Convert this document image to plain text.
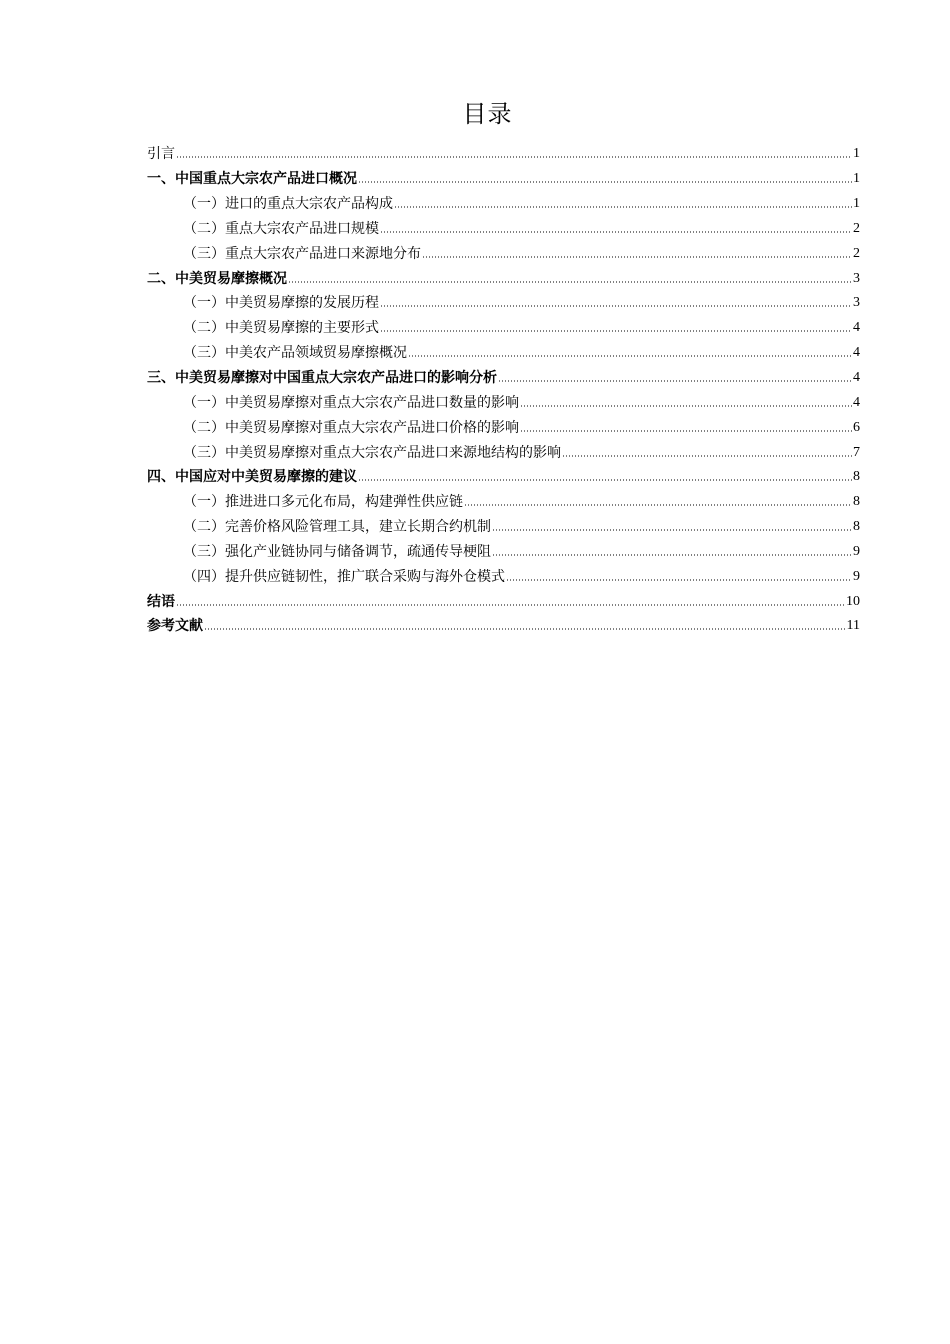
目录
引言	1
一、中国重点大宗农产品进口概况	1
（一）进口的重点大宗农产品构成	1
（二）重点大宗农产品进口规模	2
（三）重点大宗农产品进口来源地分布	2
二、中美贸易摩擦概况	3
（一）中美贸易摩擦的发展历程	3
（二）中美贸易摩擦的主要形式	4
（三）中美农产品领域贸易摩擦概况	4
三、中美贸易摩擦对中国重点大宗农产品进口的影响分析	4
（一）中美贸易摩擦对重点大宗农产品进口数量的影响	4
（二）中美贸易摩擦对重点大宗农产品进口价格的影响	6
（三）中美贸易摩擦对重点大宗农产品进口来源地结构的影响	7
四、中国应对中美贸易摩擦的建议	8
（一）推进进口多元化布局，构建弹性供应链	8
（二）完善价格风险管理工具，建立长期合约机制	8
（三）强化产业链协同与储备调节，疏通传导梗阻	9
（四）提升供应链韧性，推广联合采购与海外仓模式	9
结语	10
参考文献	11
